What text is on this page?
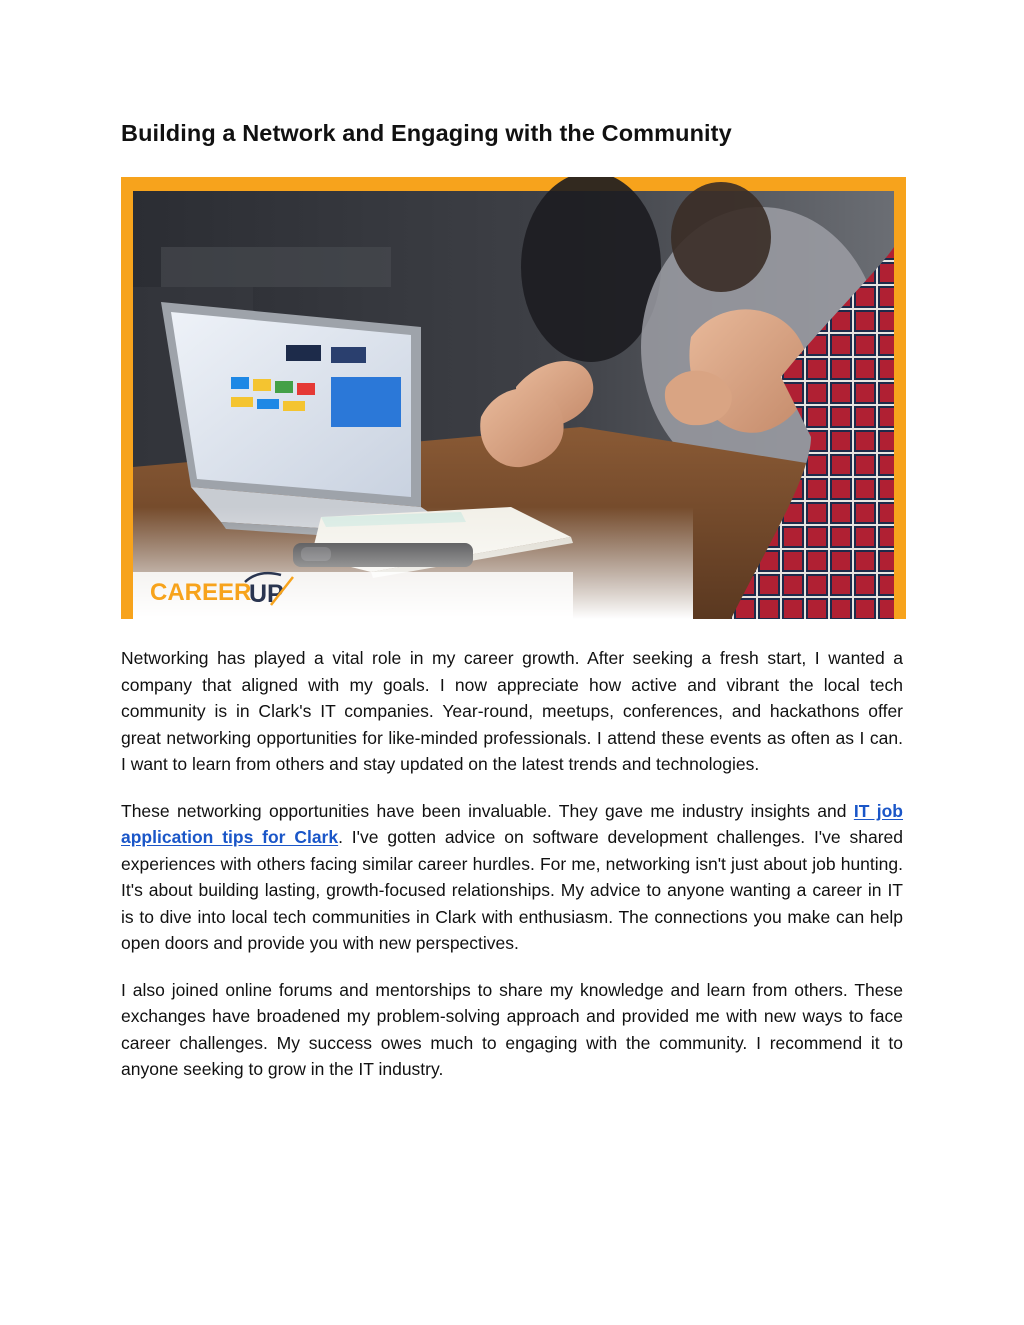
Building a Network and Engaging with the Community
CAREER
UP

Networking has played a vital role in my career growth. After seeking a fresh start, I wanted a company that aligned with my goals. I now appreciate how active and vibrant the local tech community is in Clark's IT companies. Year-round, meetups, conferences, and hackathons offer great networking opportunities for like-minded professionals. I attend these events as often as I can. I want to learn from others and stay updated on the latest trends and technologies.

These networking opportunities have been invaluable. They gave me industry insights and IT job application tips for Clark. I've gotten advice on software development challenges. I've shared experiences with others facing similar career hurdles. For me, networking isn't just about job hunting. It's about building lasting, growth-focused relationships. My advice to anyone wanting a career in IT is to dive into local tech communities in Clark with enthusiasm. The connections you make can help open doors and provide you with new perspectives.

I also joined online forums and mentorships to share my knowledge and learn from others. These exchanges have broadened my problem-solving approach and provided me with new ways to face career challenges. My success owes much to engaging with the community. I recommend it to anyone seeking to grow in the IT industry.
